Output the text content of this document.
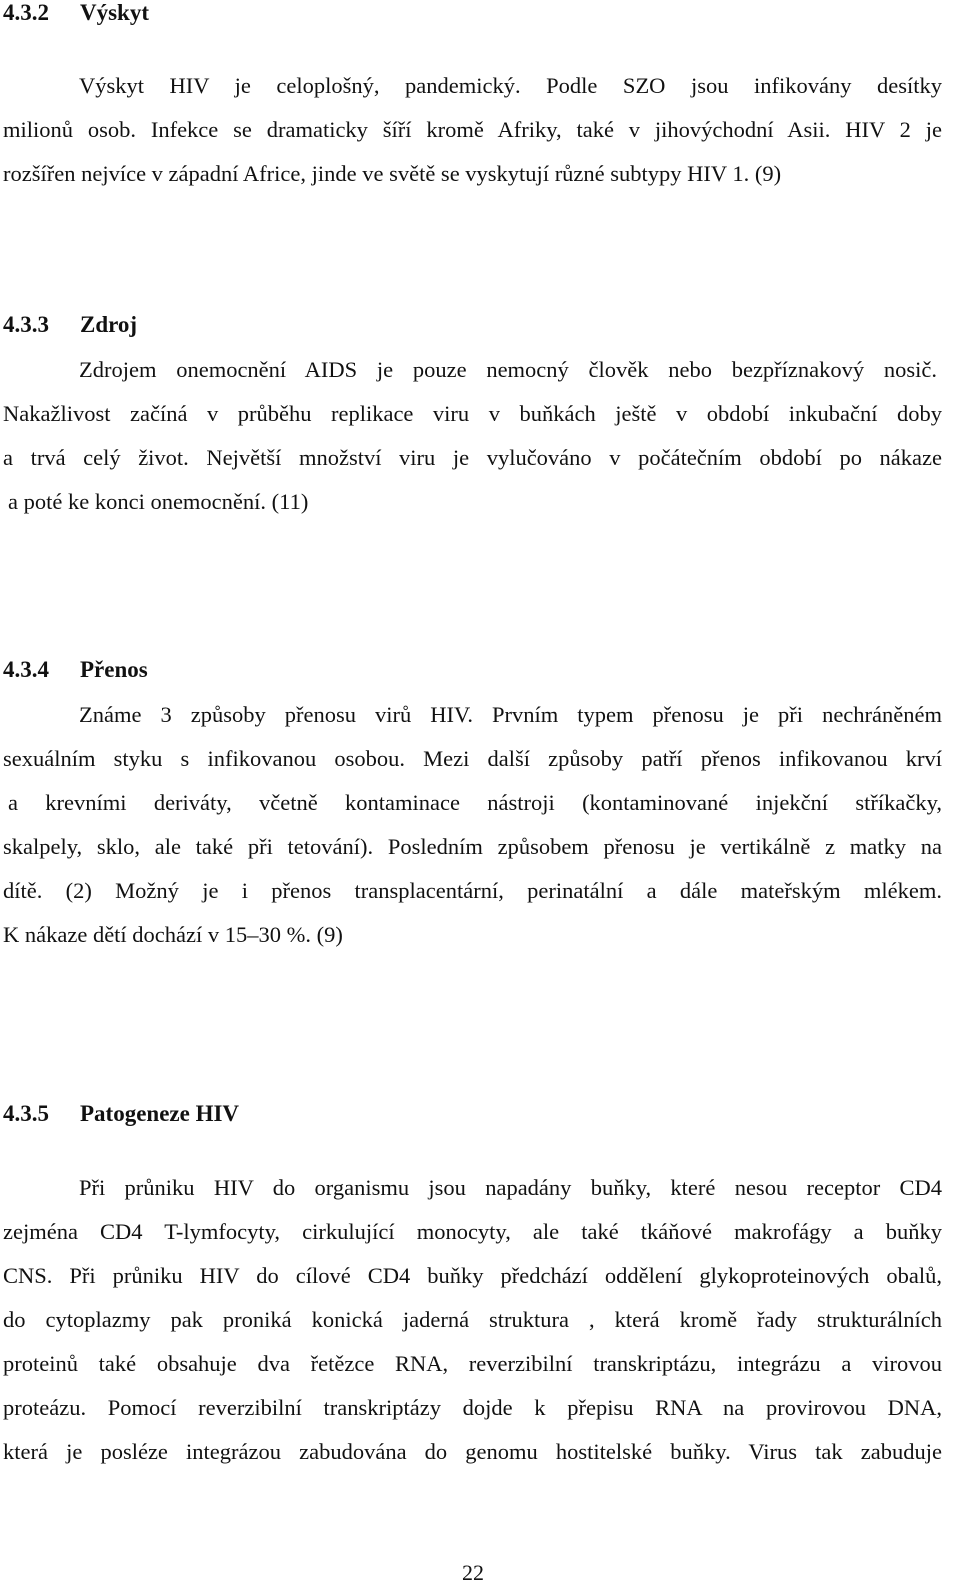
4.3.2 Výskyt
Výskyt HIV je celoplošný, pandemický. Podle SZO jsou infikovány desítky
milionů osob. Infekce se dramaticky šíří kromě Afriky, také v jihovýchodní Asii. HIV 2 je
rozšířen nejvíce v západní Africe, jinde ve světě se vyskytují různé subtypy HIV 1. (9)
4.3.3 Zdroj
Zdrojem onemocnění AIDS je pouze nemocný člověk nebo bezpříznakový nosič.
Nakažlivost začíná v průběhu replikace viru v buňkách ještě v období inkubační doby
a trvá celý život. Největší množství viru je vylučováno v počátečním období po nákaze
a poté ke konci onemocnění. (11)
4.3.4 Přenos
Známe 3 způsoby přenosu virů HIV. Prvním typem přenosu je při nechráněném
sexuálním styku s infikovanou osobou. Mezi další způsoby patří přenos infikovanou krví
a krevními deriváty, včetně kontaminace nástroji (kontaminované injekční stříkačky,
skalpely, sklo, ale také při tetování). Posledním způsobem přenosu je vertikálně z matky na
dítě. (2) Možný je i přenos transplacentární, perinatální a dále mateřským mlékem.
K nákaze dětí dochází v 15–30 %. (9)
4.3.5 Patogeneze HIV
Při průniku HIV do organismu jsou napadány buňky, které nesou receptor CD4
zejména CD4 T-lymfocyty, cirkulující monocyty, ale také tkáňové makrofágy a buňky
CNS. Při průniku HIV do cílové CD4 buňky předchází oddělení glykoproteinových obalů,
do cytoplazmy pak proniká konická jaderná struktura , která kromě řady strukturálních
proteinů také obsahuje dva řetězce RNA, reverzibilní transkriptázu, integrázu a virovou
proteázu. Pomocí reverzibilní transkriptázy dojde k přepisu RNA na provirovou DNA,
která je posléze integrázou zabudována do genomu hostitelské buňky. Virus tak zabuduje
22
